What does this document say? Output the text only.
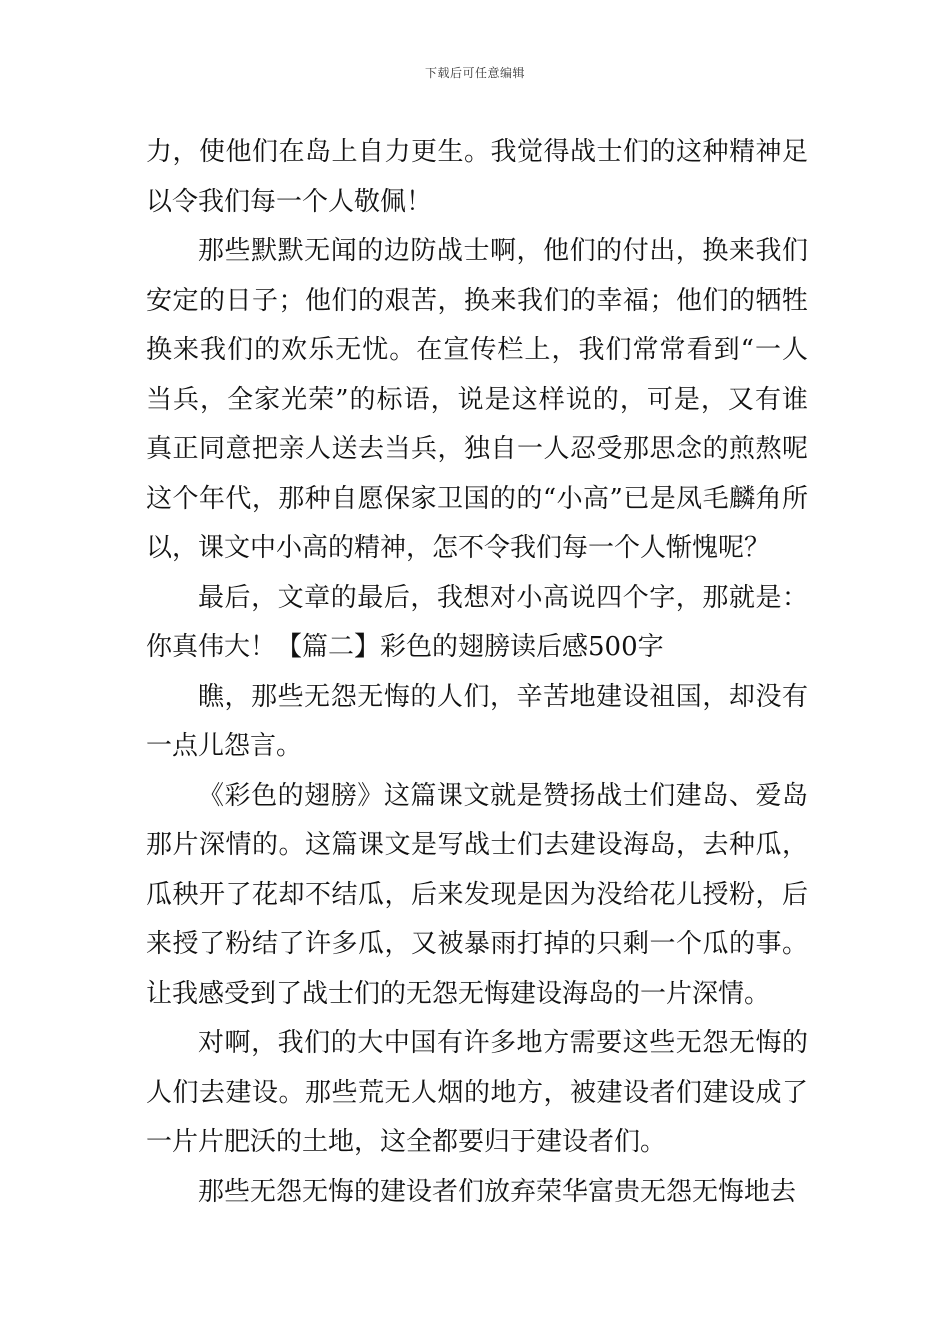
下载后可任意编辑

力，使他们在岛上自力更生。我觉得战士们的这种精神足以令我们每一个人敬佩！

那些默默无闻的边防战士啊，他们的付出，换来我们安定的日子；他们的艰苦，换来我们的幸福；他们的牺牲换来我们的欢乐无忧。在宣传栏上，我们常常看到“一人当兵，全家光荣”的标语，说是这样说的，可是，又有谁真正同意把亲人送去当兵，独自一人忍受那思念的煎熬呢这个年代，那种自愿保家卫国的的“小高”已是凤毛麟角所以，课文中小高的精神，怎不令我们每一个人惭愧呢？

最后，文章的最后，我想对小高说四个字，那就是：你真伟大！【篇二】彩色的翅膀读后感500字

瞧，那些无怨无悔的人们，辛苦地建设祖国，却没有一点儿怨言。

《彩色的翅膀》这篇课文就是赞扬战士们建岛、爱岛那片深情的。这篇课文是写战士们去建设海岛，去种瓜，瓜秧开了花却不结瓜，后来发现是因为没给花儿授粉，后来授了粉结了许多瓜，又被暴雨打掉的只剩一个瓜的事。让我感受到了战士们的无怨无悔建设海岛的一片深情。

对啊，我们的大中国有许多地方需要这些无怨无悔的人们去建设。那些荒无人烟的地方，被建设者们建设成了一片片肥沃的土地，这全都要归于建设者们。

那些无怨无悔的建设者们放弃荣华富贵无怨无悔地去
